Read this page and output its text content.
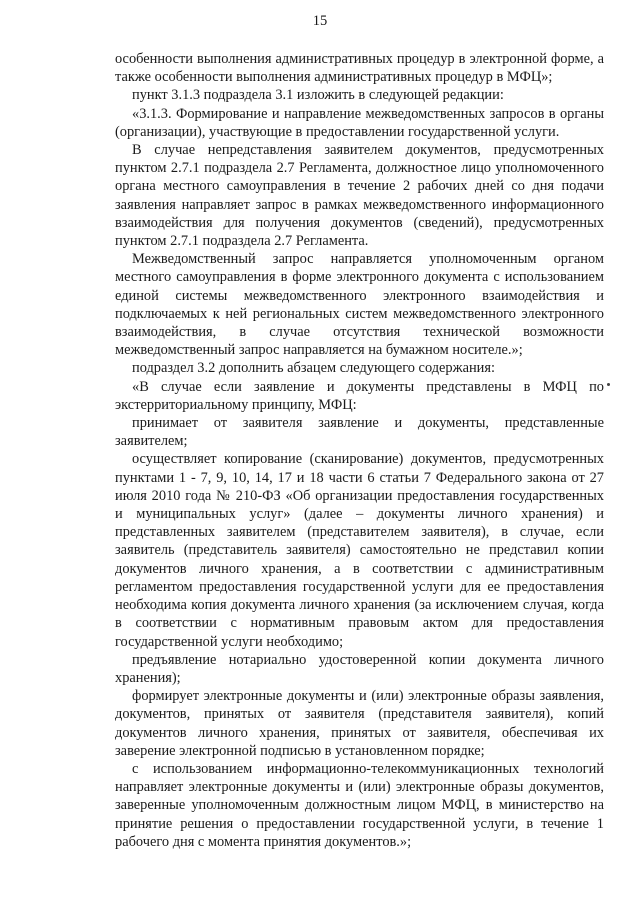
15

особенности выполнения административных процедур в электронной форме, а также особенности выполнения административных процедур в МФЦ»;

пункт 3.1.3 подраздела 3.1 изложить в следующей редакции:

«3.1.3. Формирование и направление межведомственных запросов в органы (организации), участвующие в предоставлении государственной услуги.

В случае непредставления заявителем документов, предусмотренных пунктом 2.7.1 подраздела 2.7 Регламента, должностное лицо уполномоченного органа местного самоуправления в течение 2 рабочих дней со дня подачи заявления направляет запрос в рамках межведомственного информационного взаимодействия для получения документов (сведений), предусмотренных пунктом 2.7.1 подраздела 2.7 Регламента.

Межведомственный запрос направляется уполномоченным органом местного самоуправления в форме электронного документа с использованием единой системы межведомственного электронного взаимодействия и подключаемых к ней региональных систем межведомственного электронного взаимодействия, в случае отсутствия технической возможности межведомственный запрос направляется на бумажном носителе.»;

подраздел 3.2 дополнить абзацем следующего содержания:

«В случае если заявление и документы представлены в МФЦ по экстерриториальному принципу, МФЦ:

принимает от заявителя заявление и документы, представленные заявителем;

осуществляет копирование (сканирование) документов, предусмотренных пунктами 1 - 7, 9, 10, 14, 17 и 18 части 6 статьи 7 Федерального закона от 27 июля 2010 года № 210-ФЗ «Об организации предоставления государственных и муниципальных услуг» (далее – документы личного хранения) и представленных заявителем (представителем заявителя), в случае, если заявитель (представитель заявителя) самостоятельно не представил копии документов личного хранения, а в соответствии с административным регламентом предоставления государственной услуги для ее предоставления необходима копия документа личного хранения (за исключением случая, когда в соответствии с нормативным правовым актом для предоставления государственной услуги необходимо;

предъявление нотариально удостоверенной копии документа личного хранения);

формирует электронные документы и (или) электронные образы заявления, документов, принятых от заявителя (представителя заявителя), копий документов личного хранения, принятых от заявителя, обеспечивая их заверение электронной подписью в установленном порядке;

с использованием информационно-телекоммуникационных технологий направляет электронные документы и (или) электронные образы документов, заверенные уполномоченным должностным лицом МФЦ, в министерство на принятие решения о предоставлении государственной услуги, в течение 1 рабочего дня с момента принятия документов.»;
